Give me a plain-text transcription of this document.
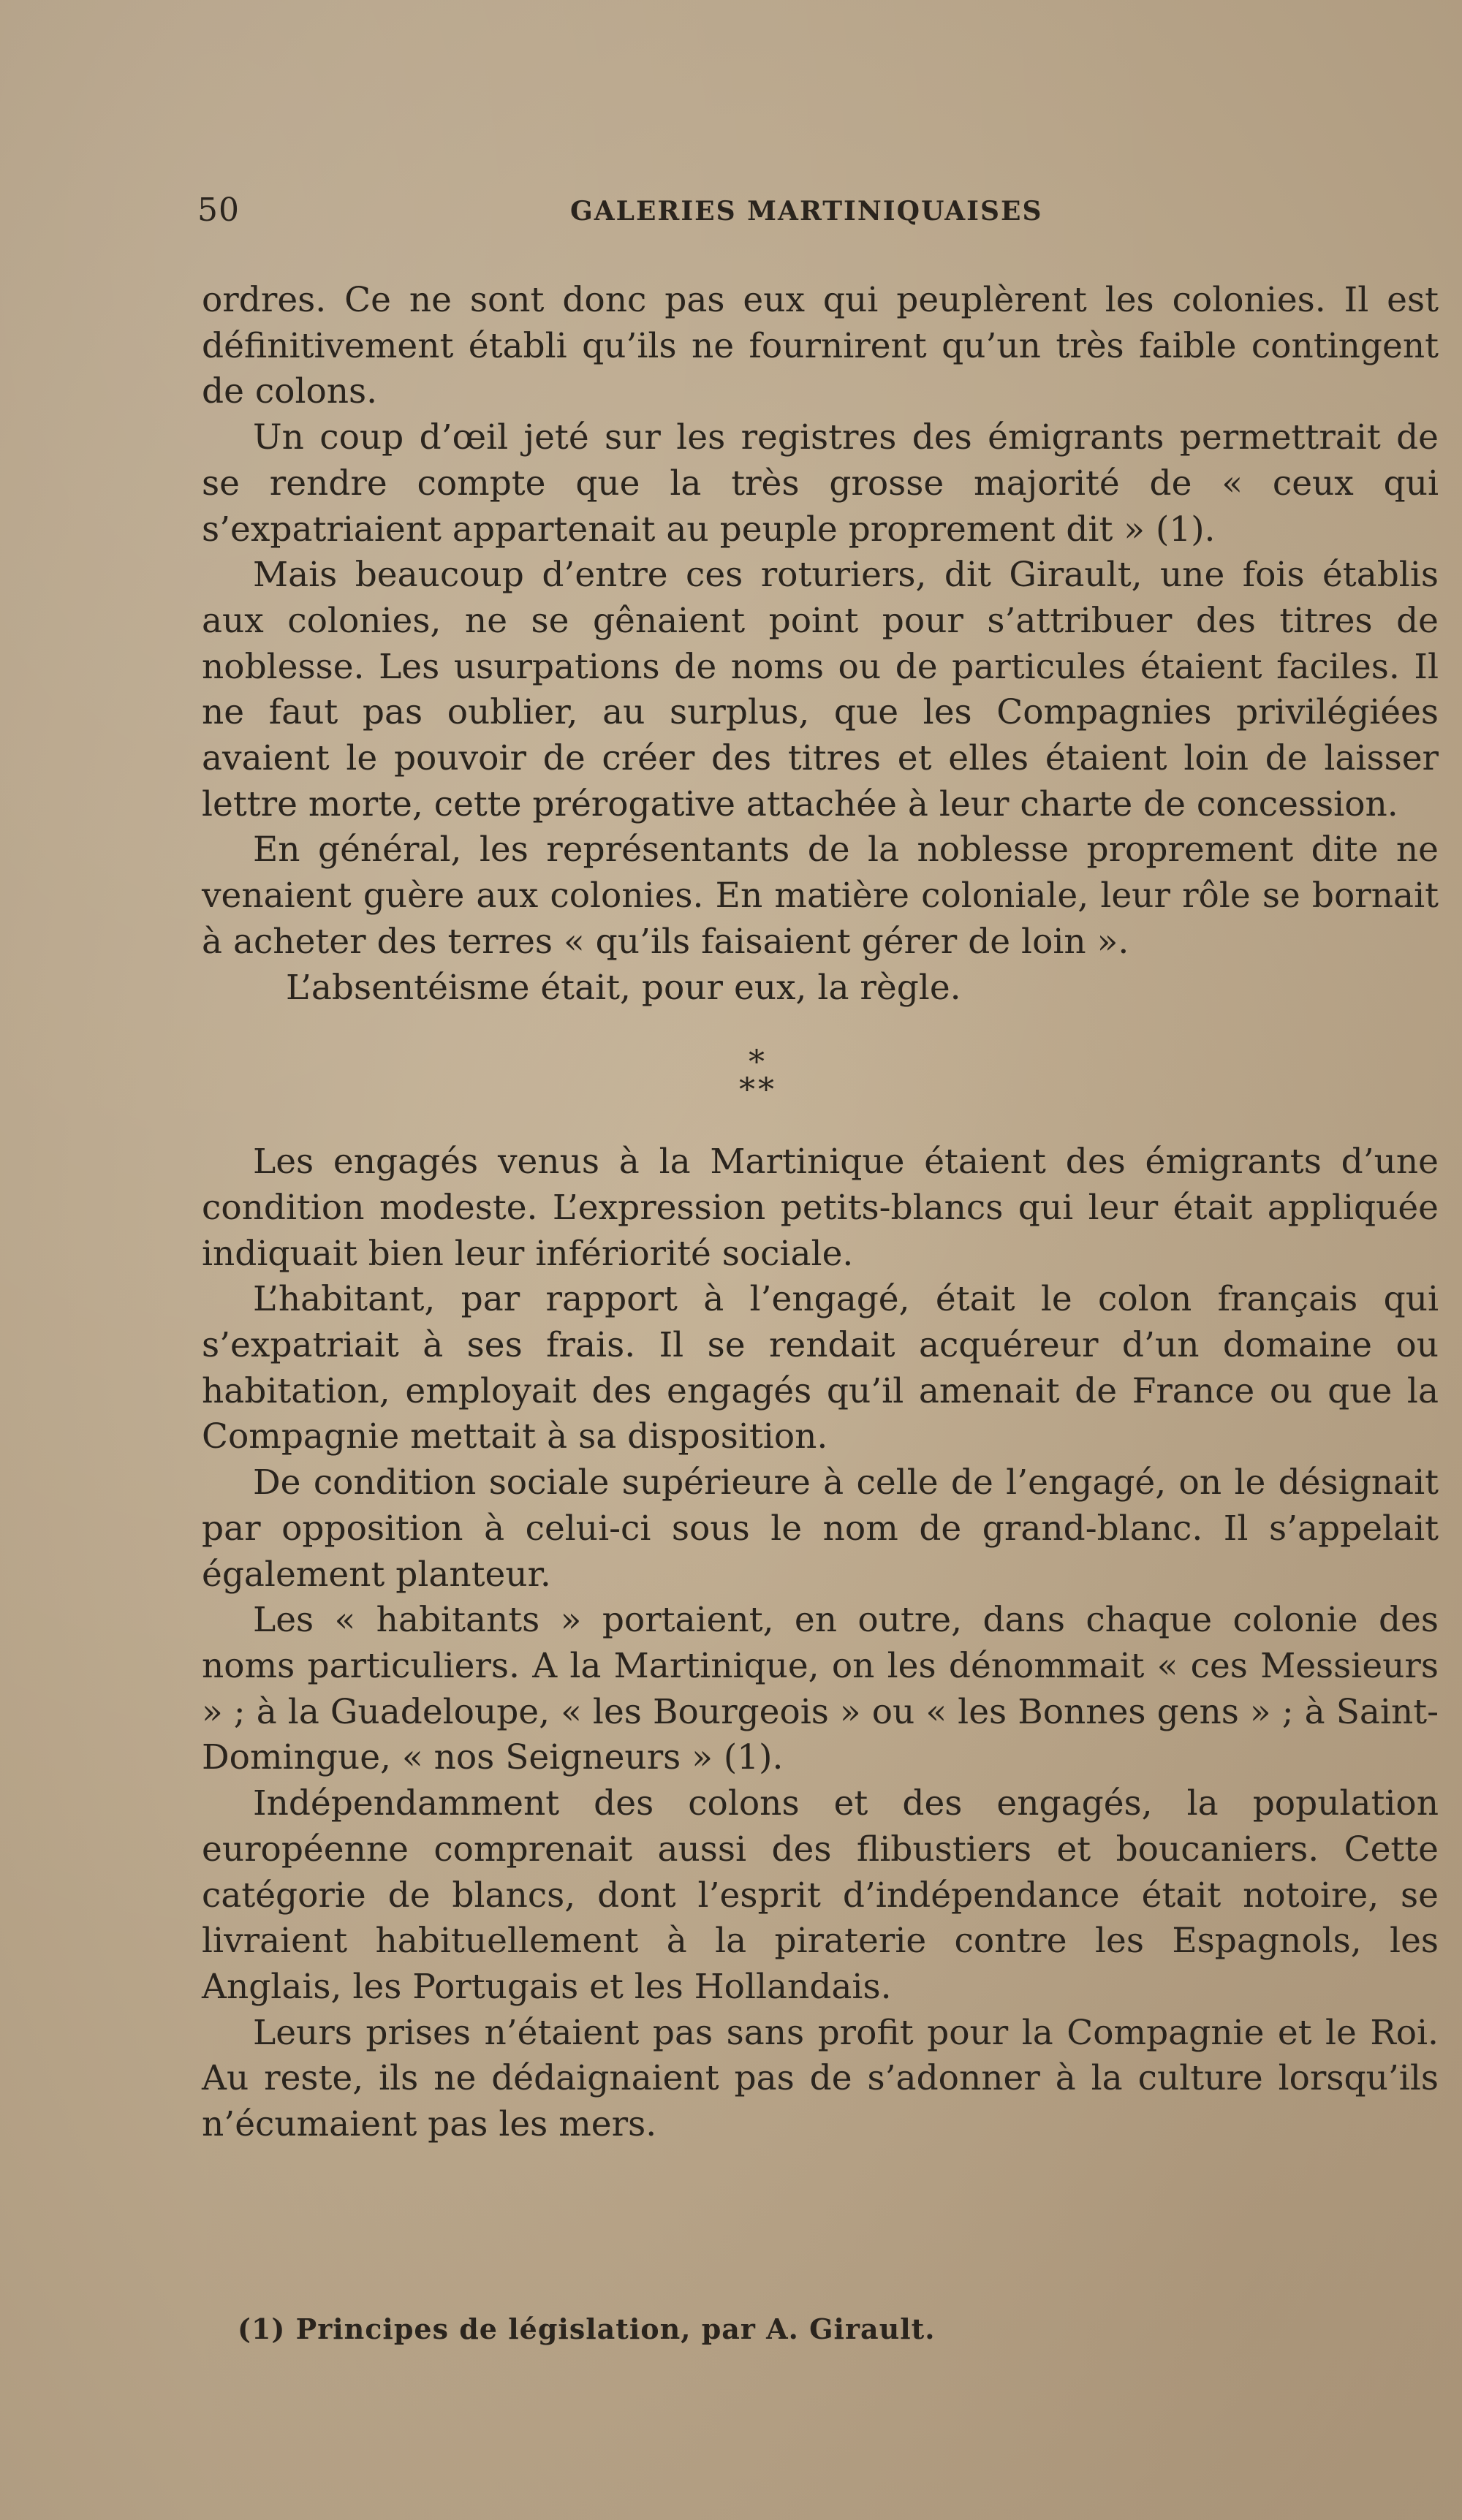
50	GALERIES MARTINIQUAISES

ordres. Ce ne sont donc pas eux qui peuplèrent les colonies. Il est définitivement établi qu’ils ne fournirent qu’un très faible contingent de colons.

Un coup d’œil jeté sur les registres des émigrants permettrait de se rendre compte que la très grosse majorité de « ceux qui s’expatriaient appartenait au peuple proprement dit » (1).

Mais beaucoup d’entre ces roturiers, dit Girault, une fois établis aux colonies, ne se gênaient point pour s’attribuer des titres de noblesse. Les usurpations de noms ou de particules étaient faciles. Il ne faut pas oublier, au surplus, que les Compagnies privilégiées avaient le pouvoir de créer des titres et elles étaient loin de laisser lettre morte, cette prérogative attachée à leur charte de concession.

En général, les représentants de la noblesse proprement dite ne venaient guère aux colonies. En matière coloniale, leur rôle se bornait à acheter des terres « qu’ils faisaient gérer de loin ».

L’absentéisme était, pour eux, la règle.

*
**

Les engagés venus à la Martinique étaient des émigrants d’une condition modeste. L’expression petits-blancs qui leur était appliquée indiquait bien leur infériorité sociale.

L’habitant, par rapport à l’engagé, était le colon français qui s’expatriait à ses frais. Il se rendait acquéreur d’un domaine ou habitation, employait des engagés qu’il amenait de France ou que la Compagnie mettait à sa disposition.

De condition sociale supérieure à celle de l’engagé, on le désignait par opposition à celui-ci sous le nom de grand-blanc. Il s’appelait également planteur.

Les « habitants » portaient, en outre, dans chaque colonie des noms particuliers. A la Martinique, on les dénommait « ces Messieurs » ; à la Guadeloupe, « les Bourgeois » ou « les Bonnes gens » ; à Saint-Domingue, « nos Seigneurs » (1).

Indépendamment des colons et des engagés, la population européenne comprenait aussi des flibustiers et boucaniers. Cette catégorie de blancs, dont l’esprit d’indépendance était notoire, se livraient habituellement à la piraterie contre les Espagnols, les Anglais, les Portugais et les Hollandais.

Leurs prises n’étaient pas sans profit pour la Compagnie et le Roi. Au reste, ils ne dédaignaient pas de s’adonner à la culture lorsqu’ils n’écumaient pas les mers.

(1) Principes de législation, par A. Girault.
